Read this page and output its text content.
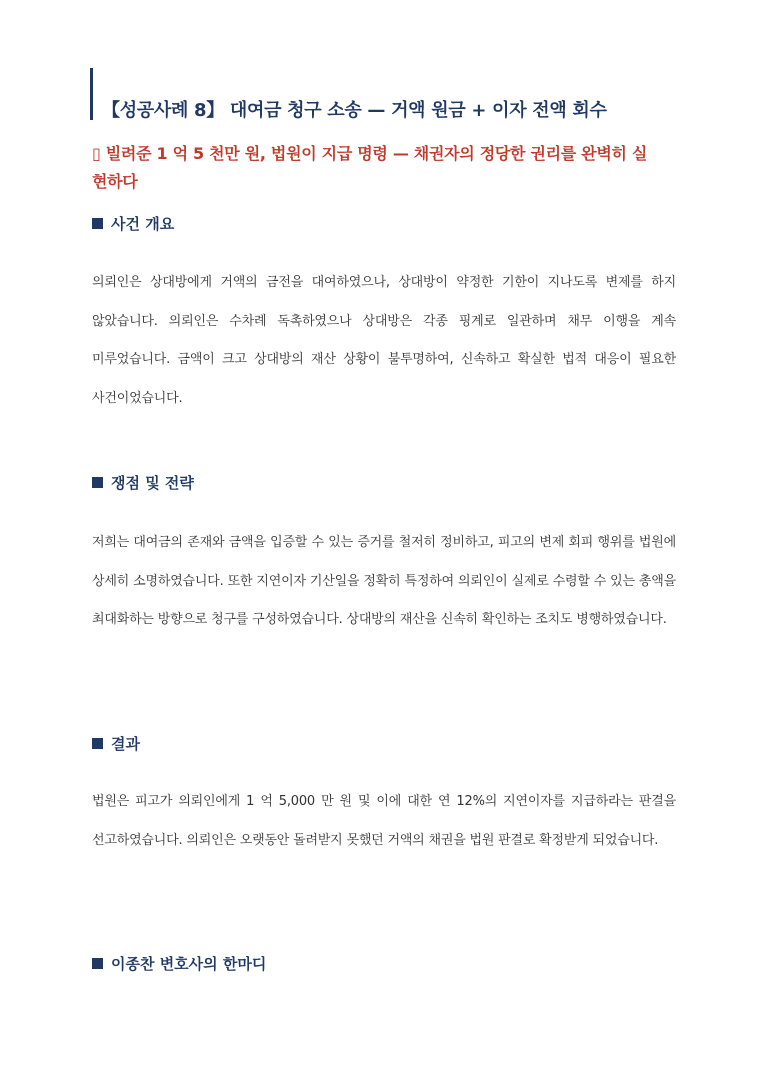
【성공사례 8】 대여금 청구 소송 — 거액 원금 + 이자 전액 회수
▯ 빌려준 1 억 5 천만 원, 법원이 지급 명령 — 채권자의 정당한 권리를 완벽히 실현하다
사건 개요
의뢰인은 상대방에게 거액의 금전을 대여하였으나, 상대방이 약정한 기한이 지나도록 변제를 하지 않았습니다. 의뢰인은 수차례 독촉하였으나 상대방은 각종 핑계로 일관하며 채무 이행을 계속 미루었습니다. 금액이 크고 상대방의 재산 상황이 불투명하여, 신속하고 확실한 법적 대응이 필요한 사건이었습니다.
쟁점 및 전략
저희는 대여금의 존재와 금액을 입증할 수 있는 증거를 철저히 정비하고, 피고의 변제 회피 행위를 법원에 상세히 소명하였습니다. 또한 지연이자 기산일을 정확히 특정하여 의뢰인이 실제로 수령할 수 있는 총액을 최대화하는 방향으로 청구를 구성하였습니다. 상대방의 재산을 신속히 확인하는 조치도 병행하였습니다.
결과
법원은 피고가 의뢰인에게 1 억 5,000 만 원 및 이에 대한 연 12%의 지연이자를 지급하라는 판결을 선고하였습니다. 의뢰인은 오랫동안 돌려받지 못했던 거액의 채권을 법원 판결로 확정받게 되었습니다.
이종찬 변호사의 한마디
